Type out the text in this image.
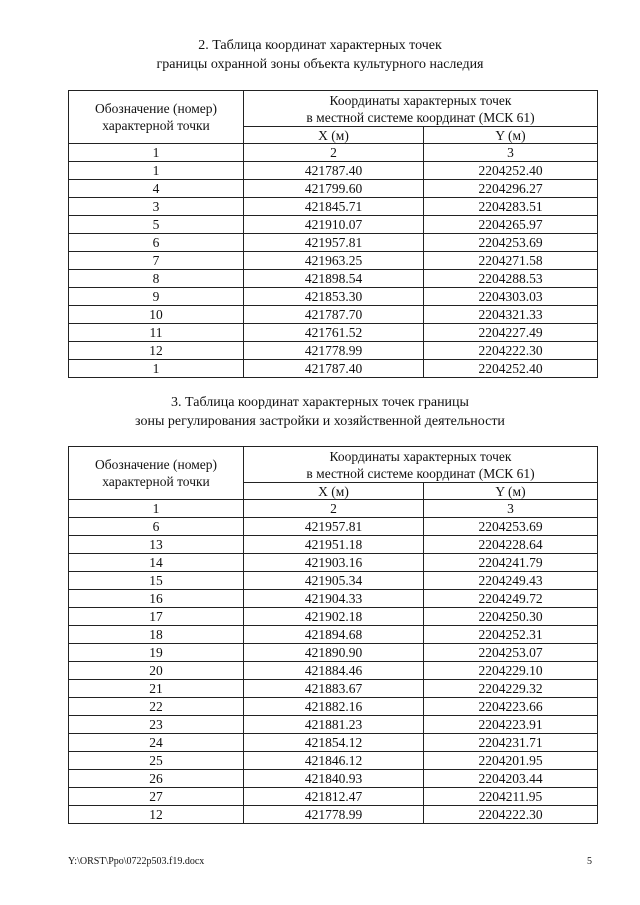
2. Таблица координат характерных точек
границы охранной зоны объекта культурного наследия
Обозначение (номер)
характерной точки	Координаты характерных точек
в местной системе координат (МСК 61)	
	X (м)	Y (м)
1	2	3
1	421787.40	2204252.40
4	421799.60	2204296.27
3	421845.71	2204283.51
5	421910.07	2204265.97
6	421957.81	2204253.69
7	421963.25	2204271.58
8	421898.54	2204288.53
9	421853.30	2204303.03
10	421787.70	2204321.33
11	421761.52	2204227.49
12	421778.99	2204222.30
1	421787.40	2204252.40
3. Таблица координат характерных точек границы
зоны регулирования застройки и хозяйственной деятельности
Обозначение (номер)
характерной точки	Координаты характерных точек
в местной системе координат (МСК 61)	
	X (м)	Y (м)
1	2	3
6	421957.81	2204253.69
13	421951.18	2204228.64
14	421903.16	2204241.79
15	421905.34	2204249.43
16	421904.33	2204249.72
17	421902.18	2204250.30
18	421894.68	2204252.31
19	421890.90	2204253.07
20	421884.46	2204229.10
21	421883.67	2204229.32
22	421882.16	2204223.66
23	421881.23	2204223.91
24	421854.12	2204231.71
25	421846.12	2204201.95
26	421840.93	2204203.44
27	421812.47	2204211.95
12	421778.99	2204222.30
Y:\ORST\Ppo\0722p503.f19.docx	5
